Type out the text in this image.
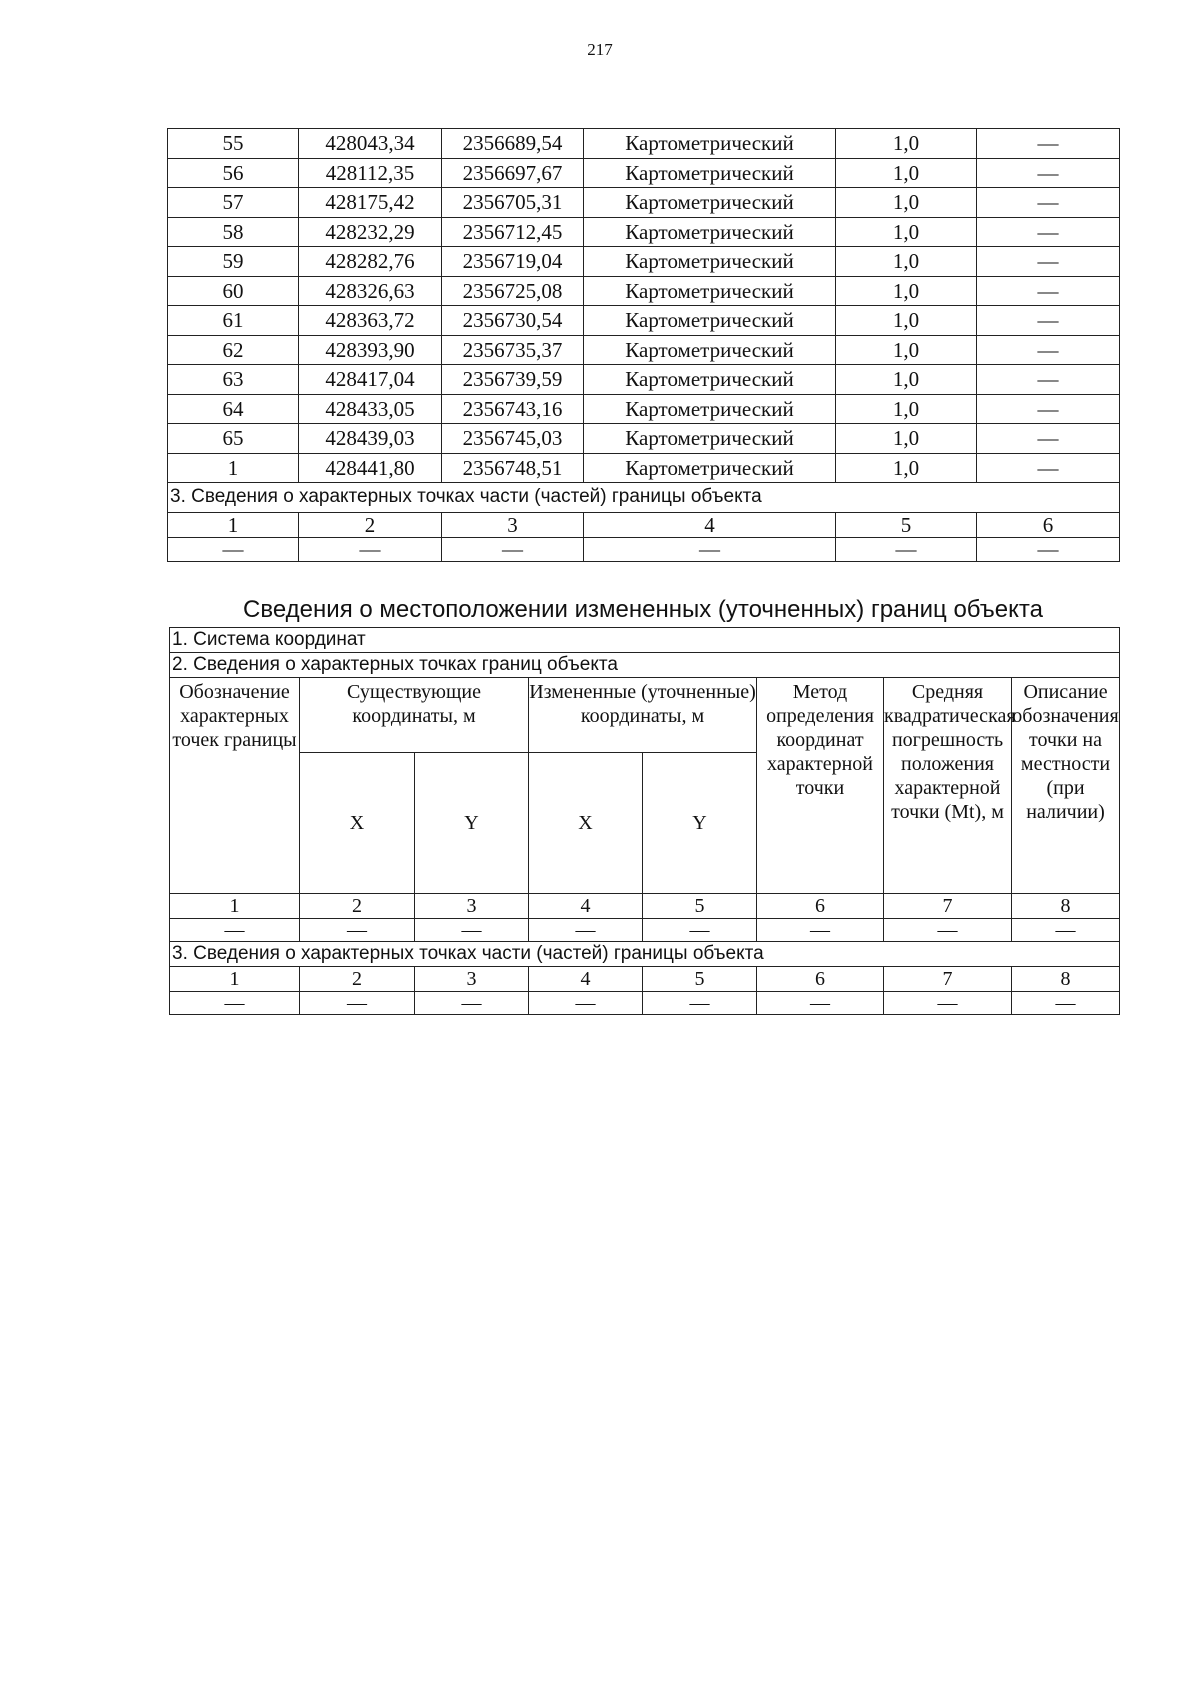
217
55	428043,34	2356689,54	Картометрический	1,0	—
56	428112,35	2356697,67	Картометрический	1,0	—
57	428175,42	2356705,31	Картометрический	1,0	—
58	428232,29	2356712,45	Картометрический	1,0	—
59	428282,76	2356719,04	Картометрический	1,0	—
60	428326,63	2356725,08	Картометрический	1,0	—
61	428363,72	2356730,54	Картометрический	1,0	—
62	428393,90	2356735,37	Картометрический	1,0	—
63	428417,04	2356739,59	Картометрический	1,0	—
64	428433,05	2356743,16	Картометрический	1,0	—
65	428439,03	2356745,03	Картометрический	1,0	—
1	428441,80	2356748,51	Картометрический	1,0	—
3. Сведения о характерных точках части (частей) границы объекта					
1	2	3	4	5	6
—	—	—	—	—	—
Сведения о местоположении измененных (уточненных) границ объекта
1. Система координат							
2. Сведения о характерных точках границ объекта							
Обозначение характерных точек границы	Существующие координаты, м		Измененные (уточненные) координаты, м		Метод определения координат характерной точки	Средняя квадратическая погрешность положения характерной точки (Mt), м	Описание обозначения точки на местности (при наличии)
	X	Y	X	Y			
1	2	3	4	5	6	7	8
—	—	—	—	—	—	—	—
3. Сведения о характерных точках части (частей) границы объекта							
1	2	3	4	5	6	7	8
—	—	—	—	—	—	—	—
